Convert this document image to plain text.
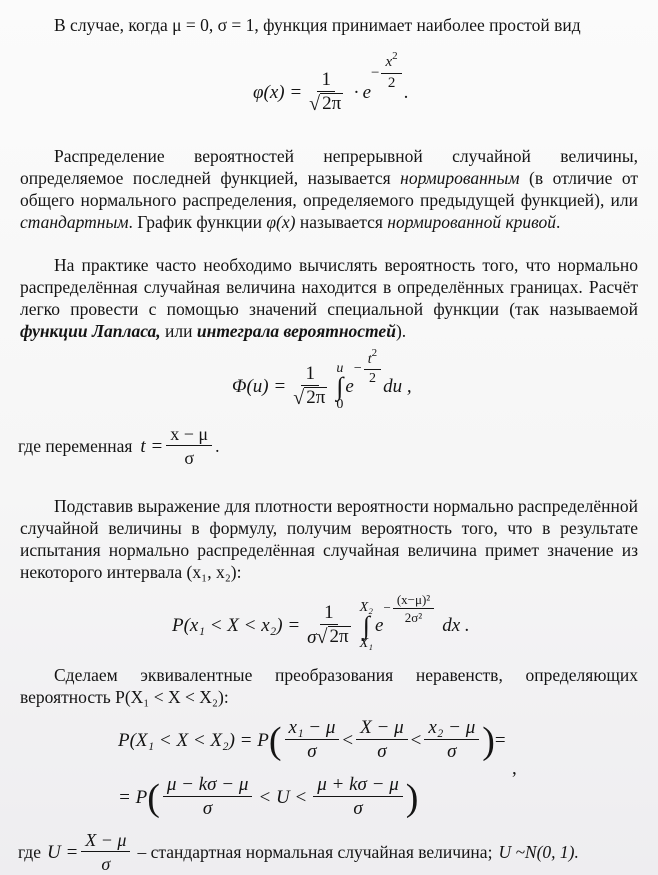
В случае, когда μ = 0, σ = 1, функция принимает наиболее простой вид

$\varphi(x) = \frac{1}{√ 2\pi} \cdot e$
− $\frac{x^2}{2}$
.

Распределение вероятностей непрерывной случайной величины, определяемое последней функцией, называется нормированным (в отличие от общего нормального распределения, определяемого предыдущей функцией), или стандартным. График функции φ(x) называется нормированной кривой.

На практике часто необходимо вычислять вероятность того, что нормально распределённая случайная величина находится в определённых границах. Расчёт легко провести с помощью значений специальной функции (так называемой функции Лапласа, или интеграла вероятностей).

$\Phi(u) = \frac{1}{√ 2\pi}$ u
∫
0
e
− $\frac{t^2}{2}$ du ,
где переменная $t = \frac{x - \mu}{\sigma}$ .

Подставив выражение для плотности вероятности нормально распределённой случайной величины в формулу, получим вероятность того, что в результате испытания нормально распределённая случайная величина примет значение из некоторого интервала (x₁, x₂):

$P(x_1 < X < x_2) = \frac{1}{\sigma √ 2\pi} X_2$
∫
X₁
e
− $\frac{\text{(x−μ)²}}{\text{2σ²}}$
dx .

Сделаем эквивалентные преобразования неравенств, определяющих вероятность P(X₁ < X < X₂):

P(X₁ < X < X₂) = P ( $\frac{\text{x₁ − μ}}{\sigma} < \frac{X - \mu}{\sigma} < \frac{\text{x₂ − μ}}{\sigma}$ ) =
,
= P ( $\frac{\mu - k\sigma - \mu}{\sigma} < U < \frac{\mu + k\sigma - \mu}{\sigma}$ )
где $U = \frac{X - \mu}{\sigma}$ – стандартная нормальная случайная величина; U ~N(0, 1).
